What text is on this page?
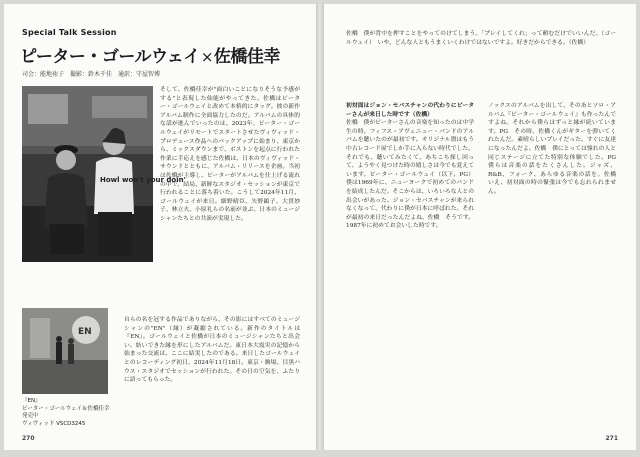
Special Talk Session
ピーター・ゴールウェイ×佐橋佳幸
司会：能地祐子　撮影：鈴木千佳　通訳：守屋智博
Howl won't your doin'

そして、佐橋佳幸が"面白いことになりそうな予感がする"と表現した仙能がやってきた。佐橋はピーター・ゴールウェイと改めて本格的にタッグ。彼の新作アルバム制作に全面協力したのだ。アルバムの具体的な話が進んでいったのは、2023年。ピーター・ゴールウェイがリモートでスタートさせたヴィヴィッド・プロデュース作品へのバックアップに始まり、東京から、ミックスダウンまで、ボストンを起点に行われた作業に手応えを感じた佐橋は、日本のヴィヴィッド・サウンドとともに、アルバム・リリースを企画。当初は佐橋が主導し、ピーターがアルバムを仕上げる流れの中で、結局、新鮮なスタジオ・セッションが東京で行われることに落ち着いた。こうして2024年11月、ゴールウェイが来日。細野晴臣、矢野顕子、大貫妙子、林立夫、小原礼らの名前が並ぶ。日本のミュージシャンたちとの共演が実現した。

EN
『EN』
ピーター・ゴールウェイ＆佐橋佳幸
発売中
ヴィヴィッド VSCD3245

自らの名を冠する作品でありながら、その影にはすべてのミュージシャンの"EN"（縁）が凝縮されている。新作のタイトルは『EN』。ゴールウェイと佐橋が日本のミュージシャンたちと出会い、紡いできた縁を形にしたアルバムだ。東日本大震災の記憶から始まった交流は、ここに結実したのである。来日したゴールウェイとのレコーディング初日、2024年11月18日。東京・駒場、目黒ハウス・スタジオでセッションが行われた。その日の空気を、ふたりに語ってもらった。

270

佐橋　僕が背中を押すことをやってのけてしまう。「プレイしてくれ」って頼むだけでいいんだ。（ゴールウェイ）　いや、どんな人ともうまくいくわけではないですよ。好きだからできる。（佐橋）

初対面はジョン・セバスチャンの代わりにピーターさんが来日した時です（佐橋）

佐橋　僕がピーターさんの音楽を知ったのは中学生の時。フィフス・アヴェニュー・バンドのアルバムを聴いたのが最初です。オリジナル盤はもう中古レコード屋でしか手に入らない時代でした。それでも、聴いてみたくて、あちこち探し回って、ようやく見つけた時の嬉しさは今でも覚えています。ピーター・ゴールウェイ（以下、PG）僕は1969年に、ニューヨークで初めてのバンドを結成したんだ。そこからは、いろいろな人との出会いがあった。ジョン・セバスチャンが来られなくなって、代わりに僕が日本に呼ばれた。それが最初の来日だったんだよね。佐橋　そうです。1987年に初めてお会いした時です。

ノックスのアルバムを出して、そのあとソロ・アルバム『ピーター・ゴールウェイ』も作ったんですよね。それから僕らはずっと縁が続いています。PG　その時、佐橋くんがギターを弾いてくれたんだ。素晴らしいプレイだった。すぐに友達になったんだよ。佐橋　僕にとっては憧れの人と同じステージに立てた特別な体験でした。PG　僕らは音楽の話をたくさんした。ジャズ、R&B、フォーク、あらゆる音楽の話を。佐橋　いえ、初対面の時の緊張は今でも忘れられません。

271
